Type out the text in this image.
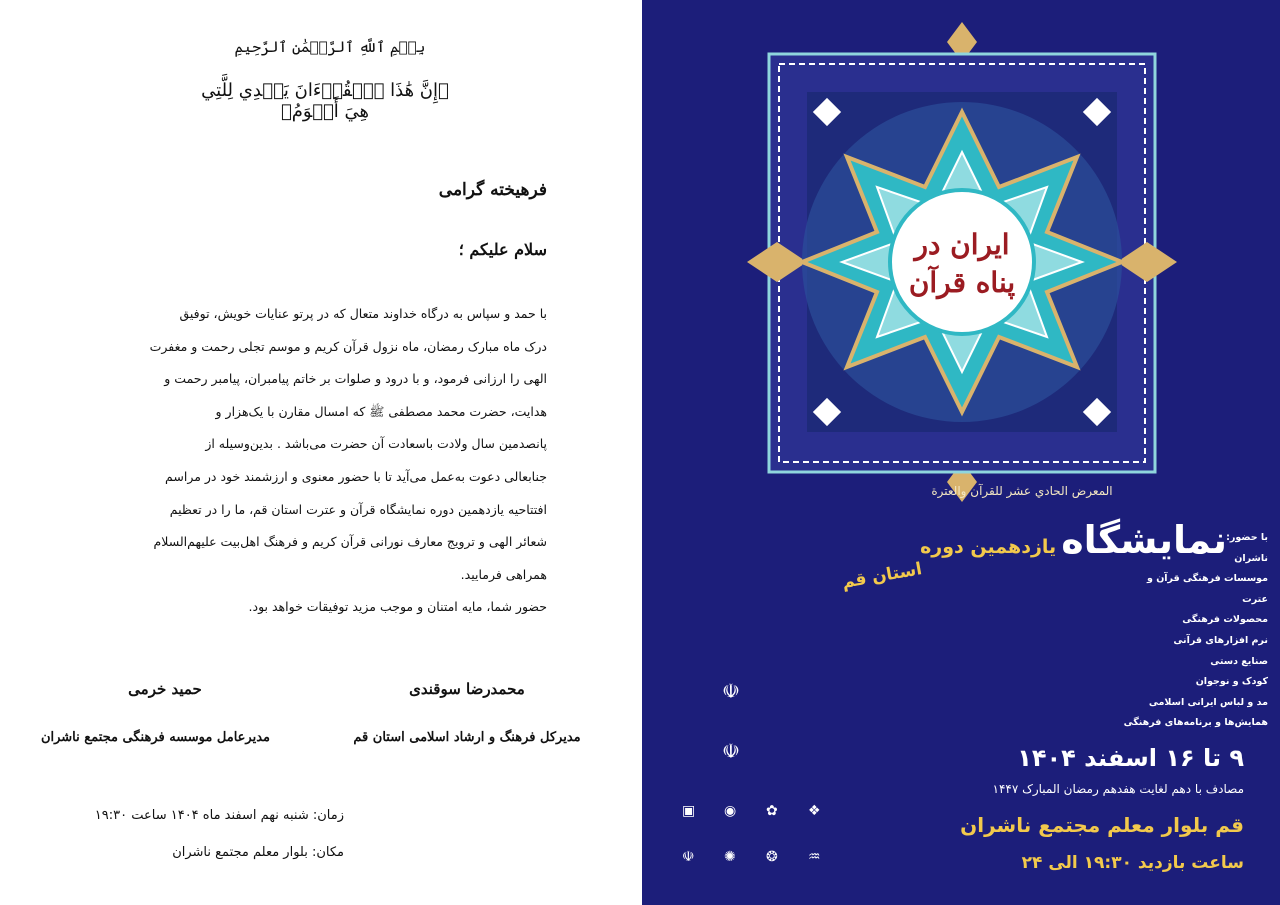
بِسۡمِ ٱللَّهِ ٱلرَّحۡمَٰنِ ٱلرَّحِيمِ
﴿إِنَّ هَٰذَا ٱلۡقُرۡءَانَ يَهۡدِي لِلَّتِي هِيَ أَقۡوَمُ﴾
فرهیخته گرامی
سلام علیکم ؛
با حمد و سپاس به درگاه خداوند متعال که در پرتو عنایات خویش، توفیق
درک ماه مبارک رمضان، ماه نزول قرآن کریم و موسم تجلی رحمت و مغفرت
الهی را ارزانی فرمود، و با درود و صلوات بر خاتم پیامبران، پیامبر رحمت و
هدایت، حضرت محمد مصطفی ﷺ که امسال مقارن با یک‌هزار و
پانصدمین سال ولادت باسعادت آن حضرت می‌باشد . بدین‌وسیله از
جنابعالی دعوت به‌عمل می‌آید تا با حضور معنوی و ارزشمند خود در مراسم
افتتاحیه یازدهمین دوره نمایشگاه قرآن و عترت استان قم، ما را در تعظیم
شعائر الهی و ترویج معارف نورانی قرآن کریم و فرهنگ اهل‌بیت علیهم‌السلام
همراهی فرمایید.
حضور شما، مایه امتنان و موجب مزید توفیقات خواهد بود.
محمدرضا سوقندی
مدیرکل فرهنگ و ارشاد اسلامی استان قم
حمید خرمی
مدیرعامل موسسه فرهنگی مجتمع ناشران
زمان: شنبه نهم اسفند ماه ۱۴۰۴ ساعت ۱۹:۳۰
مکان: بلوار معلم مجتمع ناشران
ایران در
پناه قرآن
المعرض الحادي عشر للقرآن والعترة
نمایشگاه یازدهمین دوره
استان قم
با حضور:
ناشران
موسسات فرهنگی قرآن و عترت
محصولات فرهنگی
نرم افزارهای قرآنی
صنایع دستی
کودک و نوجوان
مد و لباس ایرانی اسلامی
همایش‌ها و برنامه‌های فرهنگی
۹ تا ۱۶ اسفند ۱۴۰۴
مصادف با دهم لغایت هفدهم رمضان المبارک ۱۴۴۷
قم بلوار معلم مجتمع ناشران
ساعت بازدید ۱۹:۳۰ الی ۲۴
☫
☫
▣ ◉ ✿ ❖
☫ ✺ ❂ ♒
